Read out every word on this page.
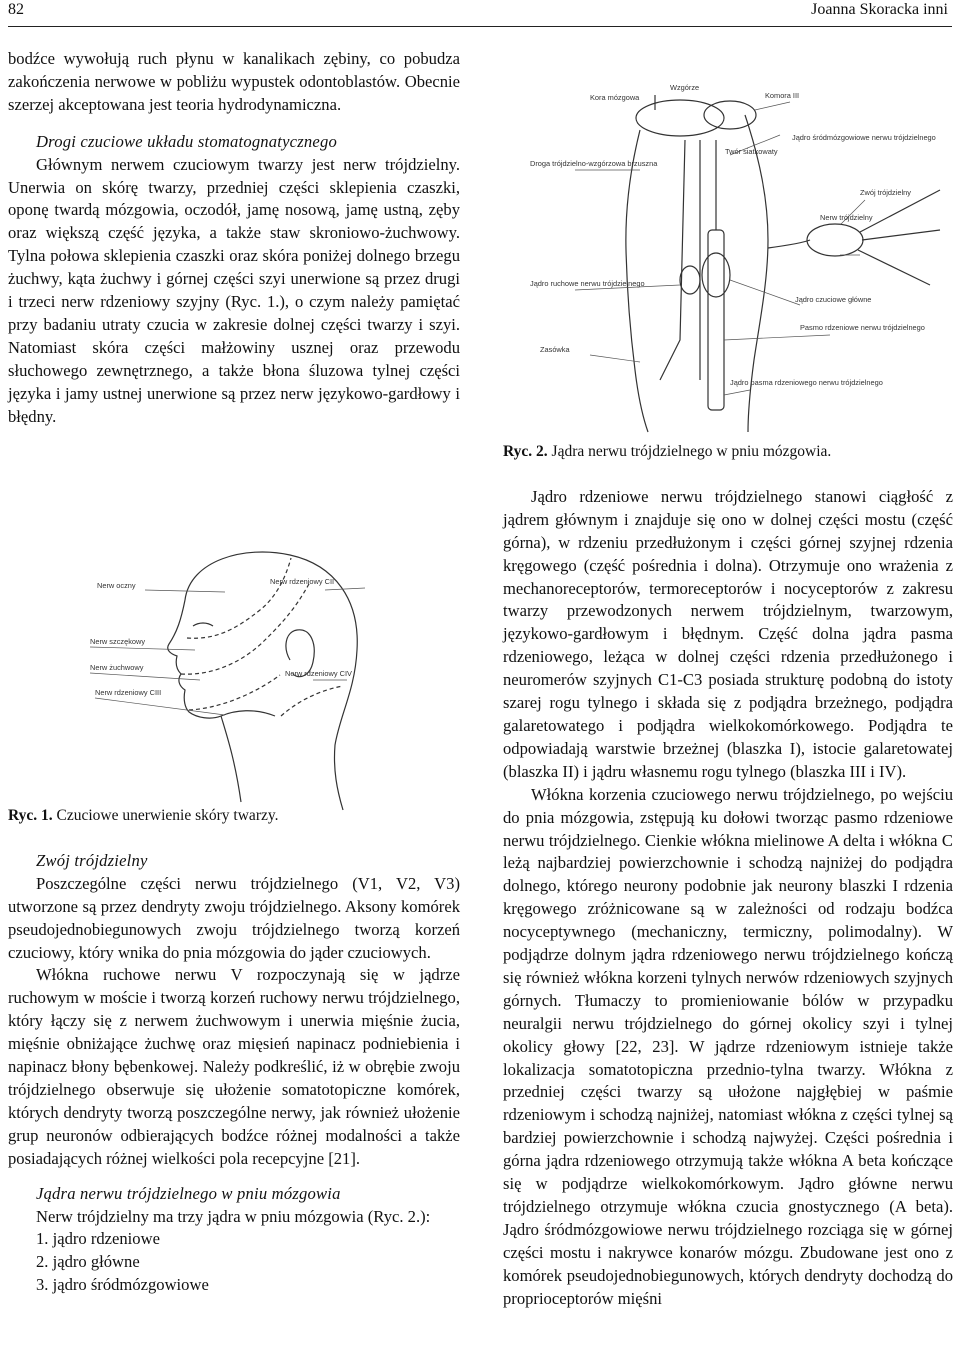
82	Joanna Skoracka inni

bodźce wywołują ruch płynu w kanalikach zębiny, co pobudza zakończenia nerwowe w pobliżu wypustek odontoblastów. Obecnie szerzej akceptowana jest teoria hydrodynamiczna.

Drogi czuciowe układu stomatognatycznego

Głównym nerwem czuciowym twarzy jest nerw trójdzielny. Unerwia on skórę twarzy, przedniej części sklepienia czaszki, oponę twardą mózgowia, oczodół, jamę nosową, jamę ustną, zęby oraz większą część języka, a także staw skroniowo-żuchwowy. Tylna połowa sklepienia czaszki oraz skóra poniżej dolnego brzegu żuchwy, kąta żuchwy i górnej części szyi unerwione są przez drugi i trzeci nerw rdzeniowy szyjny (Ryc. 1.), o czym należy pamiętać przy badaniu utraty czucia w zakresie dolnej części twarzy i szyi. Natomiast skóra części małżowiny usznej oraz przewodu słuchowego zewnętrznego, a także błona śluzowa tylnej części języka i jamy ustnej unerwione są przez nerw językowo-gardłowy i błędny.

Nerw oczny
Nerw szczękowy
Nerw żuchwowy
Nerw rdzeniowy CIII
Nerw rdzeniowy CII
Nerw rdzeniowy CIV

Ryc. 1. Czuciowe unerwienie skóry twarzy.

Zwój trójdzielny

Poszczególne części nerwu trójdzielnego (V1, V2, V3) utworzone są przez dendryty zwoju trójdzielnego. Aksony komórek pseudojednobiegunowych zwoju trójdzielnego tworzą korzeń czuciowy, który wnika do pnia mózgowia do jąder czuciowych.

Włókna ruchowe nerwu V rozpoczynają się w jądrze ruchowym w moście i tworzą korzeń ruchowy nerwu trójdzielnego, który łączy się z nerwem żuchwowym i unerwia mięśnie żucia, mięśnie obniżające żuchwę oraz mięsień napinacz podniebienia i napinacz błony bębenkowej. Należy podkreślić, iż w obrębie zwoju trójdzielnego obserwuje się ułożenie somatotopiczne komórek, których dendryty tworzą poszczególne nerwy, jak również ułożenie grup neuronów odbierających bodźce różnej modalności a także posiadających różnej wielkości pola recepcyjne [21].

Jądra nerwu trójdzielnego w pniu mózgowia

Nerw trójdzielny ma trzy jądra w pniu mózgowia (Ryc. 2.):

1. jądro rdzeniowe
2. jądro główne
3. jądro śródmózgowiowe
Wzgórze
Kora mózgowa	Komora III
Twór siatkowaty
Droga trójdzielno-wzgórzowa brzuszna
Jądro śródmózgowiowe nerwu trójdzielnego
Zwój trójdzielny
Nerw trójdzielny
Jądro ruchowe nerwu trójdzielnego
Jądro czuciowe główne
Pasmo rdzeniowe nerwu trójdzielnego
Zasówka
Jądro pasma rdzeniowego nerwu trójdzielnego

Ryc. 2. Jądra nerwu trójdzielnego w pniu mózgowia.

Jądro rdzeniowe nerwu trójdzielnego stanowi ciągłość z jądrem głównym i znajduje się ono w dolnej części mostu (część górna), w rdzeniu przedłużonym i części górnej szyjnej rdzenia kręgowego (część pośrednia i dolna). Otrzymuje ono wrażenia z mechanoreceptorów, termoreceptorów i nocyceptorów z zakresu twarzy przewodzonych nerwem trójdzielnym, twarzowym, językowo-gardłowym i błędnym. Część dolna jądra pasma rdzeniowego, leżąca w dolnej części rdzenia przedłużonego i neuromerów szyjnych C1-C3 posiada strukturę podobną do istoty szarej rogu tylnego i składa się z podjądra brzeżnego, podjądra galaretowatego i podjądra wielkokomórkowego. Podjądra te odpowiadają warstwie brzeżnej (blaszka I), istocie galaretowatej (blaszka II) i jądru własnemu rogu tylnego (blaszka III i IV).

Włókna korzenia czuciowego nerwu trójdzielnego, po wejściu do pnia mózgowia, zstępują ku dołowi tworząc pasmo rdzeniowe nerwu trójdzielnego. Cienkie włókna mielinowe A delta i włókna C leżą najbardziej powierzchownie i schodzą najniżej do podjądra dolnego, którego neurony podobnie jak neurony blaszki I rdzenia kręgowego zróżnicowane są w zależności od rodzaju bodźca nocyceptywnego (mechaniczny, termiczny, polimodalny). W podjądrze dolnym jądra rdzeniowego nerwu trójdzielnego kończą się również włókna korzeni tylnych nerwów rdzeniowych szyjnych górnych. Tłumaczy to promieniowanie bólów w przypadku neuralgii nerwu trójdzielnego do górnej okolicy szyi i tylnej okolicy głowy [22, 23]. W jądrze rdzeniowym istnieje także lokalizacja somatotopiczna przednio-tylna twarzy. Włókna z przedniej części twarzy są ułożone najgłębiej w paśmie rdzeniowym i schodzą najniżej, natomiast włókna z części tylnej są bardziej powierzchownie i schodzą najwyżej. Części pośrednia i górna jądra rdzeniowego otrzymują także włókna A beta kończące się w podjądrze wielkokomórkowym. Jądro główne nerwu trójdzielnego otrzymuje włókna czucia gnostycznego (A beta). Jądro śródmózgowiowe nerwu trójdzielnego rozciąga się w górnej części mostu i nakrywce konarów mózgu. Zbudowane jest ono z komórek pseudojednobiegunowych, których dendryty dochodzą do proprioceptorów mięśni
